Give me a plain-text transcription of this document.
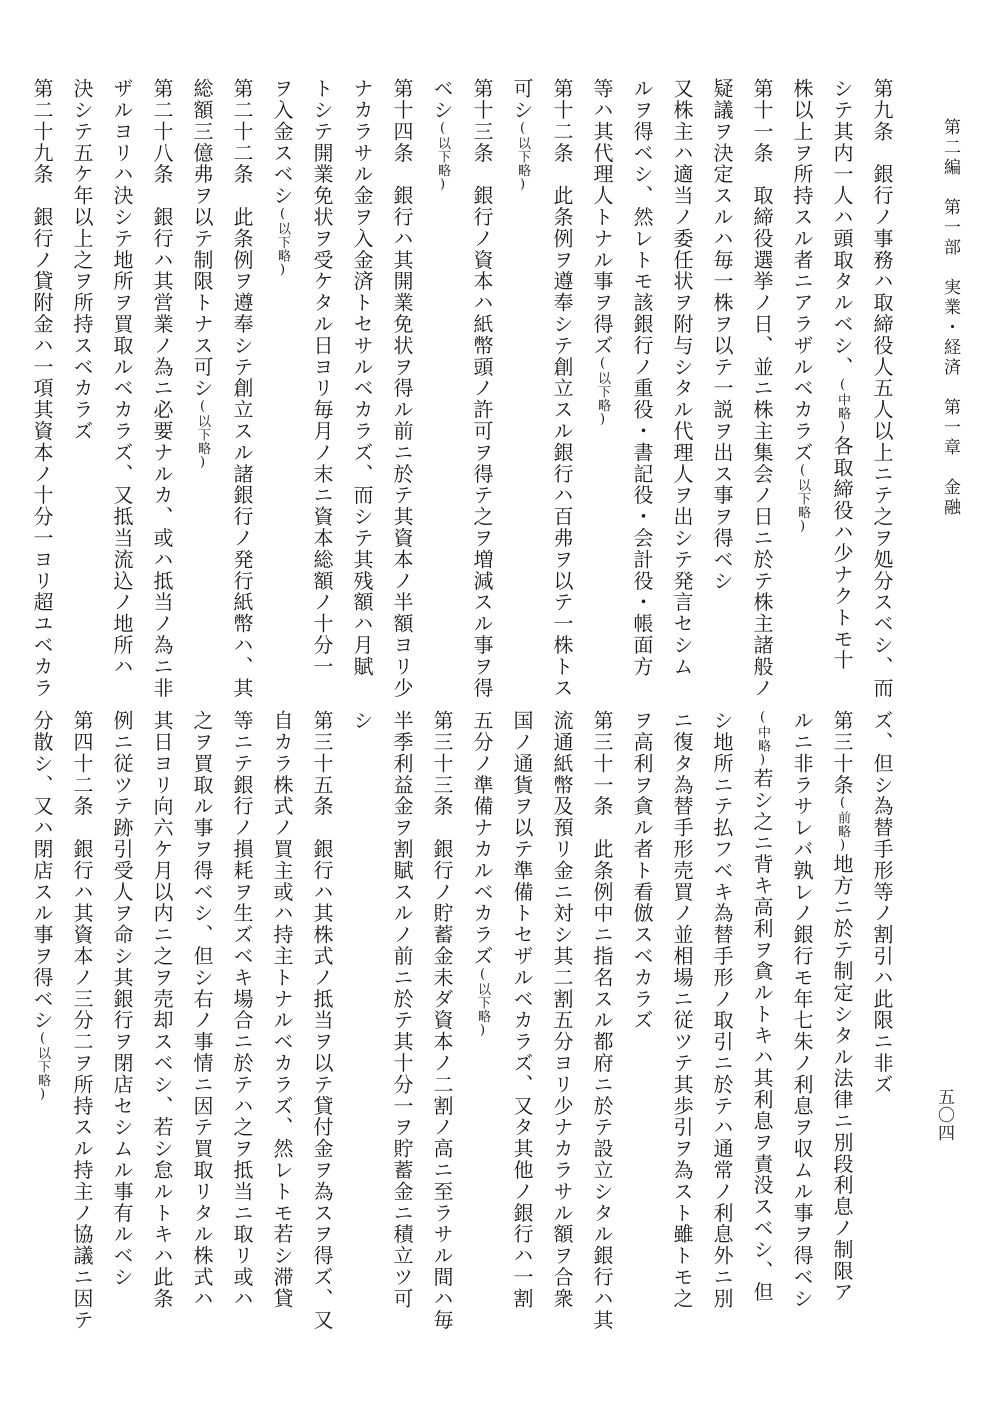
第二編　第一部　実業・経済　第一章　金融
第九条　銀行ノ事務ハ取締役人五人以上ニテ之ヲ処分スベシ、而
シテ其内一人ハ頭取タルベシ、(中略)各取締役ハ少ナクトモ十
株以上ヲ所持スル者ニアラザルベカラズ(以下略)
第十一条　取締役選挙ノ日、並ニ株主集会ノ日ニ於テ株主諸般ノ
疑議ヲ決定スルハ毎一株ヲ以テ一説ヲ出ス事ヲ得ベシ
又株主ハ適当ノ委任状ヲ附与シタル代理人ヲ出シテ発言セシム
ルヲ得ベシ、然レトモ該銀行ノ重役・書記役・会計役・帳面方
等ハ其代理人トナル事ヲ得ズ(以下略)
第十二条　此条例ヲ遵奉シテ創立スル銀行ハ百弗ヲ以テ一株トス
可シ(以下略)
第十三条　銀行ノ資本ハ紙幣頭ノ許可ヲ得テ之ヲ増減スル事ヲ得
ベシ(以下略)
第十四条　銀行ハ其開業免状ヲ得ル前ニ於テ其資本ノ半額ヨリ少
ナカラサル金ヲ入金済トセサルベカラズ、而シテ其残額ハ月賦
トシテ開業免状ヲ受ケタル日ヨリ毎月ノ末ニ資本総額ノ十分一
ヲ入金スベシ(以下略)
第二十二条　此条例ヲ遵奉シテ創立スル諸銀行ノ発行紙幣ハ、其
総額三億弗ヲ以テ制限トナス可シ(以下略)
第二十八条　銀行ハ其営業ノ為ニ必要ナルカ、或ハ抵当ノ為ニ非
ザルヨリハ決シテ地所ヲ買取ルベカラズ、又抵当流込ノ地所ハ
決シテ五ケ年以上之ヲ所持スベカラズ
第二十九条　銀行ノ貸附金ハ一項其資本ノ十分一ヨリ超ユベカラ
ズ、但シ為替手形等ノ割引ハ此限ニ非ズ
第三十条(前略)地方ニ於テ制定シタル法律ニ別段利息ノ制限ア
ルニ非ラサレバ孰レノ銀行モ年七朱ノ利息ヲ収ムル事ヲ得ベシ
(中略)若シ之ニ背キ高利ヲ貪ルトキハ其利息ヲ責没スベシ、但
シ地所ニテ払フベキ為替手形ノ取引ニ於テハ通常ノ利息外ニ別
ニ復タ為替手形売買ノ並相場ニ従ツテ其歩引ヲ為スト雖トモ之
ヲ高利ヲ貪ル者ト看倣スベカラズ
第三十一条　此条例中ニ指名スル都府ニ於テ設立シタル銀行ハ其
流通紙幣及預リ金ニ対シ其二割五分ヨリ少ナカラサル額ヲ合衆
国ノ通貨ヲ以テ準備トセザルベカラズ、又タ其他ノ銀行ハ一割
五分ノ準備ナカルベカラズ(以下略)
第三十三条　銀行ノ貯蓄金未ダ資本ノ二割ノ高ニ至ラサル間ハ毎
半季利益金ヲ割賦スルノ前ニ於テ其十分一ヲ貯蓄金ニ積立ツ可
シ
第三十五条　銀行ハ其株式ノ抵当ヲ以テ貸付金ヲ為スヲ得ズ、又
自カラ株式ノ買主或ハ持主トナルベカラズ、然レトモ若シ滞貸
等ニテ銀行ノ損耗ヲ生ズベキ場合ニ於テハ之ヲ抵当ニ取リ或ハ
之ヲ買取ル事ヲ得ベシ、但シ右ノ事情ニ因テ買取リタル株式ハ
其日ヨリ向六ケ月以内ニ之ヲ売却スベシ、若シ怠ルトキハ此条
例ニ従ツテ跡引受人ヲ命シ其銀行ヲ閉店セシムル事有ルベシ
第四十二条　銀行ハ其資本ノ三分二ヲ所持スル持主ノ協議ニ因テ
分散シ、又ハ閉店スル事ヲ得ベシ(以下略)
五〇四
